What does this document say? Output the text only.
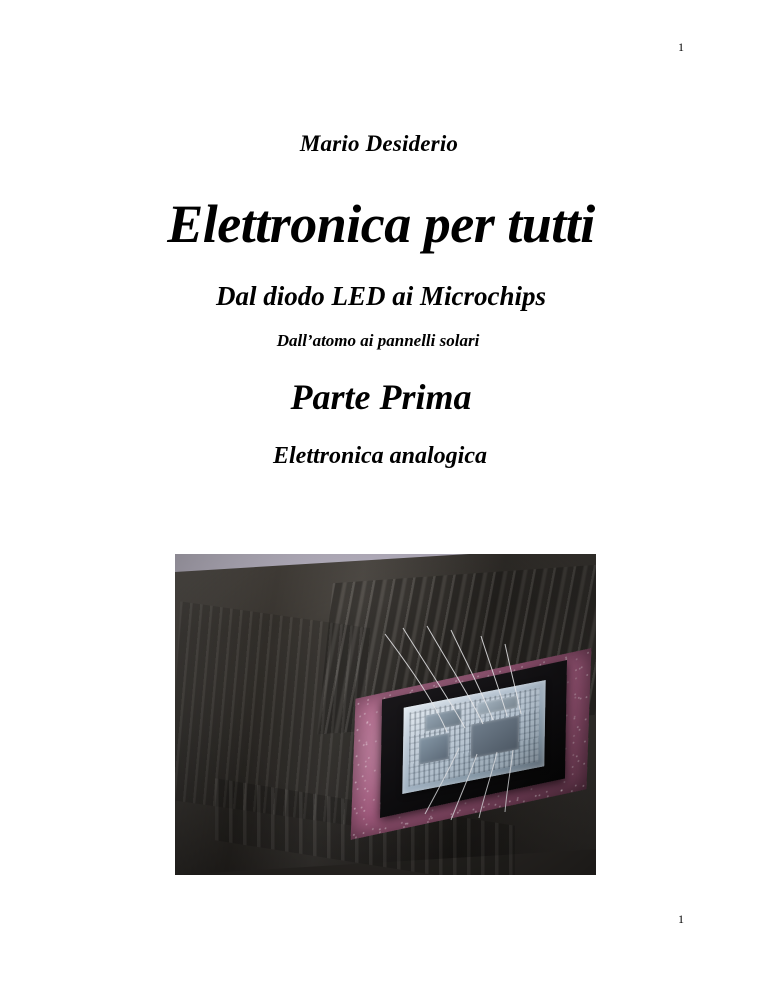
1
Mario Desiderio
Elettronica per tutti
Dal diodo LED ai Microchips
Dall’atomo ai pannelli solari
Parte Prima
Elettronica analogica
1
